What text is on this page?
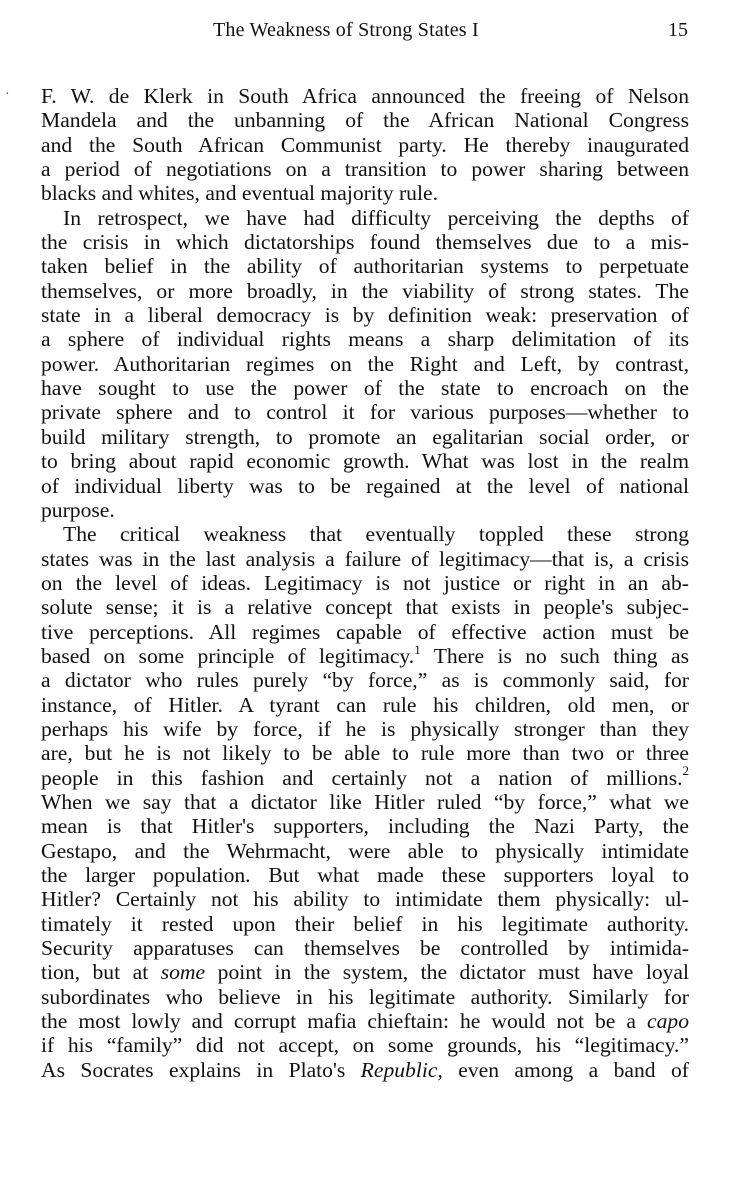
The Weakness of Strong States I	15
· F. W. de Klerk in South Africa announced the freeing of Nelson
Mandela and the unbanning of the African National Congress
and the South African Communist party. He thereby inaugurated
a period of negotiations on a transition to power sharing between
blacks and whites, and eventual majority rule.
In retrospect, we have had difficulty perceiving the depths of
the crisis in which dictatorships found themselves due to a mis-
taken belief in the ability of authoritarian systems to perpetuate
themselves, or more broadly, in the viability of strong states. The
state in a liberal democracy is by definition weak: preservation of
a sphere of individual rights means a sharp delimitation of its
power. Authoritarian regimes on the Right and Left, by contrast,
have sought to use the power of the state to encroach on the
private sphere and to control it for various purposes—whether to
build military strength, to promote an egalitarian social order, or
to bring about rapid economic growth. What was lost in the realm
of individual liberty was to be regained at the level of national
purpose.
The critical weakness that eventually toppled these strong
states was in the last analysis a failure of legitimacy—that is, a crisis
on the level of ideas. Legitimacy is not justice or right in an ab-
solute sense; it is a relative concept that exists in people's subjec-
tive perceptions. All regimes capable of effective action must be
based on some principle of legitimacy.$^1$ There is no such thing as
a dictator who rules purely “by force,” as is commonly said, for
instance, of Hitler. A tyrant can rule his children, old men, or
perhaps his wife by force, if he is physically stronger than they
are, but he is not likely to be able to rule more than two or three
people in this fashion and certainly not a nation of millions.$^2$
When we say that a dictator like Hitler ruled “by force,” what we
mean is that Hitler's supporters, including the Nazi Party, the
Gestapo, and the Wehrmacht, were able to physically intimidate
the larger population. But what made these supporters loyal to
Hitler? Certainly not his ability to intimidate them physically: ul-
timately it rested upon their belief in his legitimate authority.
Security apparatuses can themselves be controlled by intimida-
tion, but at some point in the system, the dictator must have loyal
subordinates who believe in his legitimate authority. Similarly for
the most lowly and corrupt mafia chieftain: he would not be a capo
if his “family” did not accept, on some grounds, his “legitimacy.”
As Socrates explains in Plato's Republic, even among a band of
